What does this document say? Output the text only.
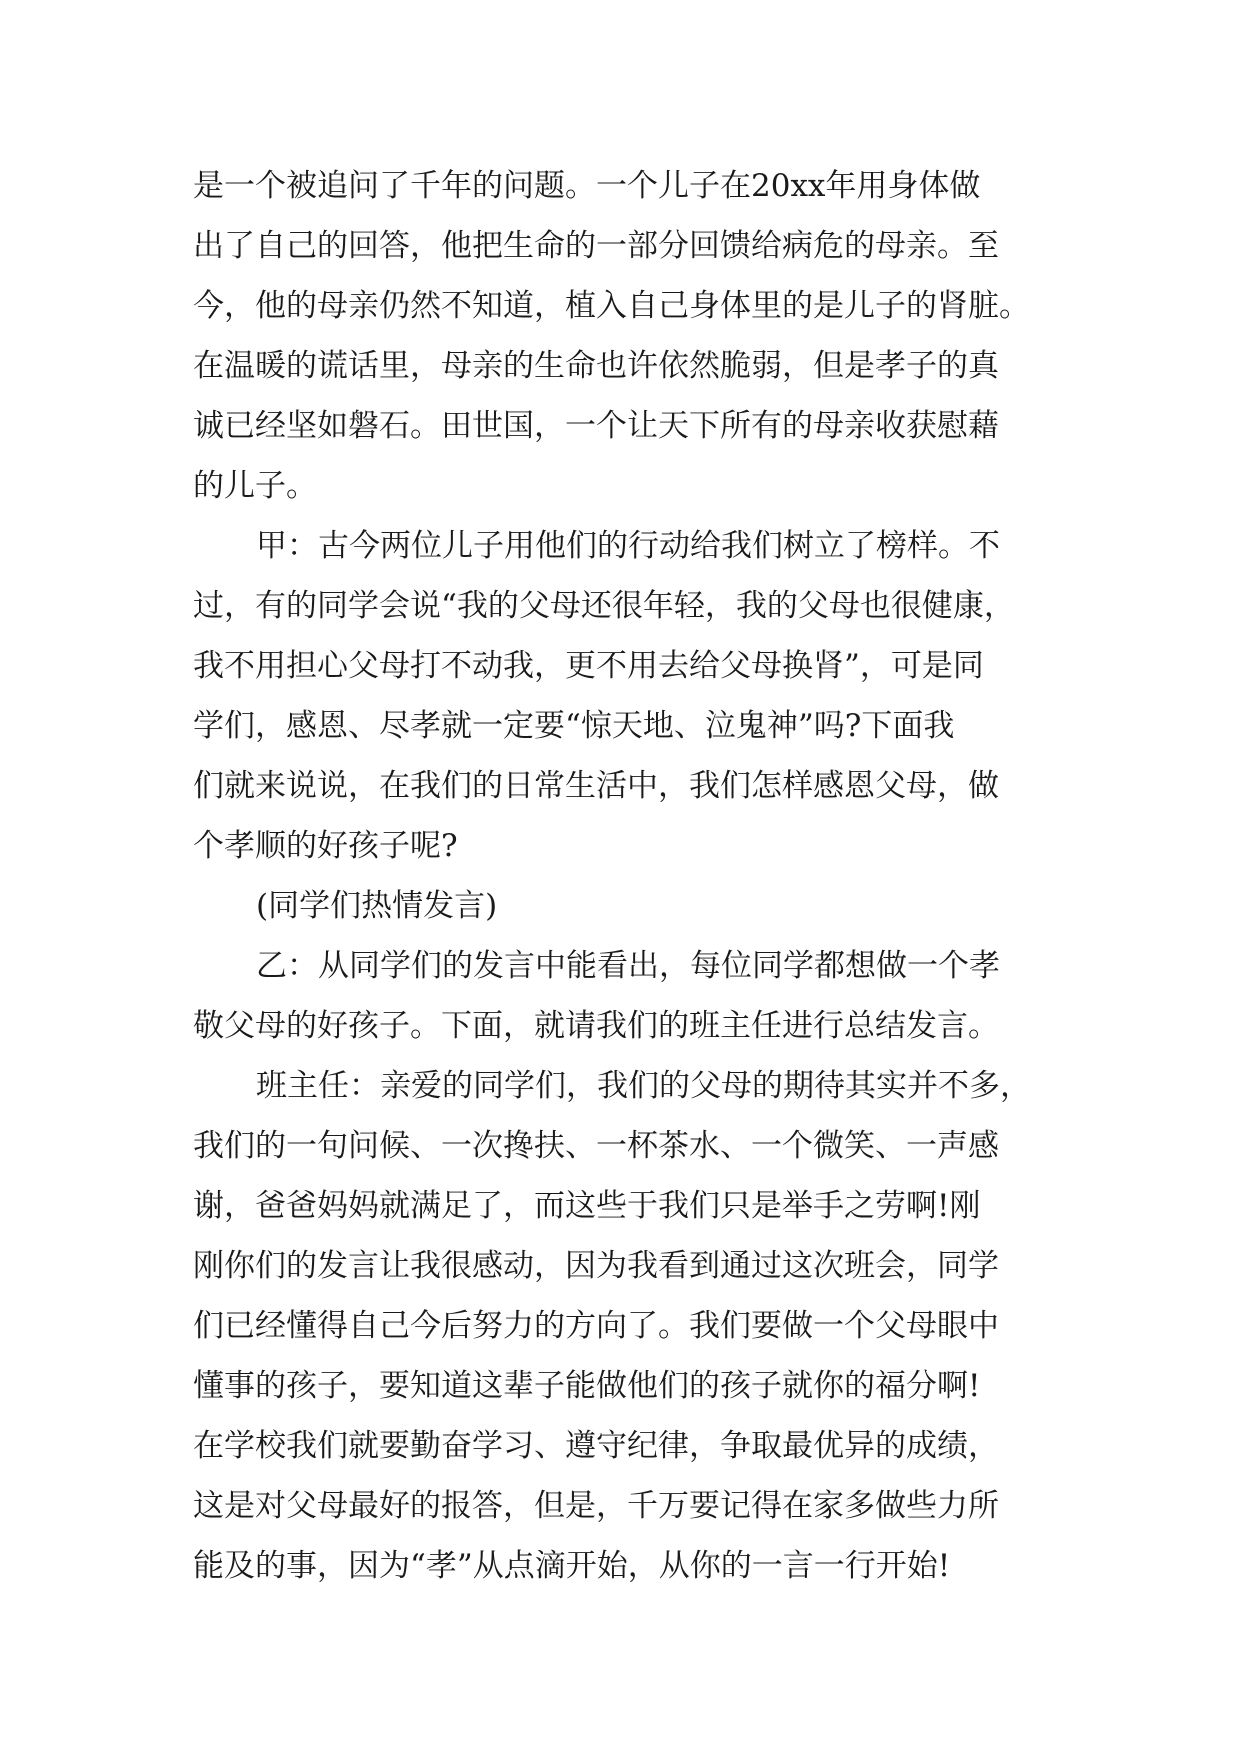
是一个被追问了千年的问题。一个儿子在20xx年用身体做

出了自己的回答，他把生命的一部分回馈给病危的母亲。至

今，他的母亲仍然不知道，植入自己身体里的是儿子的肾脏。

在温暖的谎话里，母亲的生命也许依然脆弱，但是孝子的真

诚已经坚如磐石。田世国，一个让天下所有的母亲收获慰藉

的儿子。

甲：古今两位儿子用他们的行动给我们树立了榜样。不

过，有的同学会说“我的父母还很年轻，我的父母也很健康，

我不用担心父母打不动我，更不用去给父母换肾”，可是同

学们，感恩、尽孝就一定要“惊天地、泣鬼神”吗?下面我

们就来说说，在我们的日常生活中，我们怎样感恩父母，做

个孝顺的好孩子呢?

(同学们热情发言)

乙：从同学们的发言中能看出，每位同学都想做一个孝

敬父母的好孩子。下面，就请我们的班主任进行总结发言。

班主任：亲爱的同学们，我们的父母的期待其实并不多，

我们的一句问候、一次搀扶、一杯茶水、一个微笑、一声感

谢，爸爸妈妈就满足了，而这些于我们只是举手之劳啊!刚

刚你们的发言让我很感动，因为我看到通过这次班会，同学

们已经懂得自己今后努力的方向了。我们要做一个父母眼中

懂事的孩子，要知道这辈子能做他们的孩子就你的福分啊!

在学校我们就要勤奋学习、遵守纪律，争取最优异的成绩，

这是对父母最好的报答，但是，千万要记得在家多做些力所

能及的事，因为“孝”从点滴开始，从你的一言一行开始!
